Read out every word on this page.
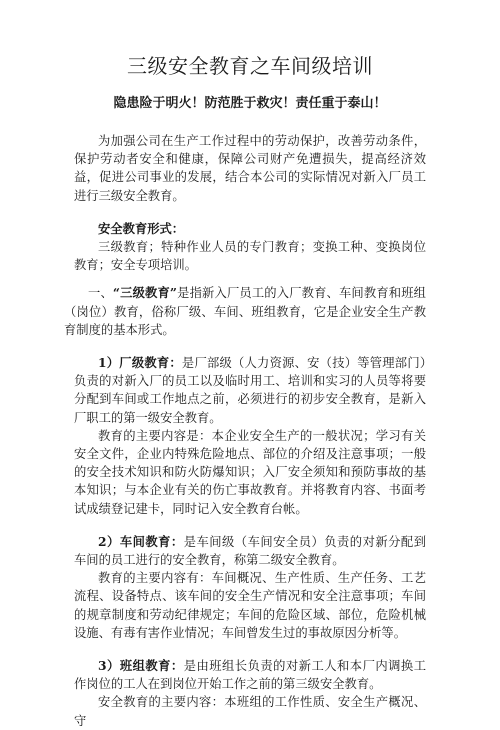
三级安全教育之车间级培训
隐患险于明火！防范胜于救灾！责任重于泰山！

为加强公司在生产工作过程中的劳动保护，改善劳动条件，保护劳动者安全和健康，保障公司财产免遭损失，提高经济效益，促进公司事业的发展，结合本公司的实际情况对新入厂员工进行三级安全教育。

安全教育形式：

三级教育；特种作业人员的专门教育；变换工种、变换岗位教育；安全专项培训。

一、“三级教育”是指新入厂员工的入厂教育、车间教育和班组（岗位）教育，俗称厂级、车间、班组教育，它是企业安全生产教育制度的基本形式。

1）厂级教育：是厂部级（人力资源、安（技）等管理部门）负责的对新入厂的员工以及临时用工、培训和实习的人员等将要分配到车间或工作地点之前，必须进行的初步安全教育，是新入厂职工的第一级安全教育。

教育的主要内容是：本企业安全生产的一般状况；学习有关安全文件，企业内特殊危险地点、部位的介绍及注意事项；一般的安全技术知识和防火防爆知识；入厂安全须知和预防事故的基本知识；与本企业有关的伤亡事故教育。并将教育内容、书面考试成绩登记建卡，同时记入安全教育台帐。

2）车间教育：是车间级（车间安全员）负责的对新分配到车间的员工进行的安全教育，称第二级安全教育。

教育的主要内容有：车间概况、生产性质、生产任务、工艺流程、设备特点、该车间的安全生产情况和安全注意事项；车间的规章制度和劳动纪律规定；车间的危险区域、部位，危险机械设施、有毒有害作业情况；车间曾发生过的事故原因分析等。

3）班组教育：是由班组长负责的对新工人和本厂内调换工作岗位的工人在到岗位开始工作之前的第三级安全教育。

安全教育的主要内容：本班组的工作性质、安全生产概况、守
